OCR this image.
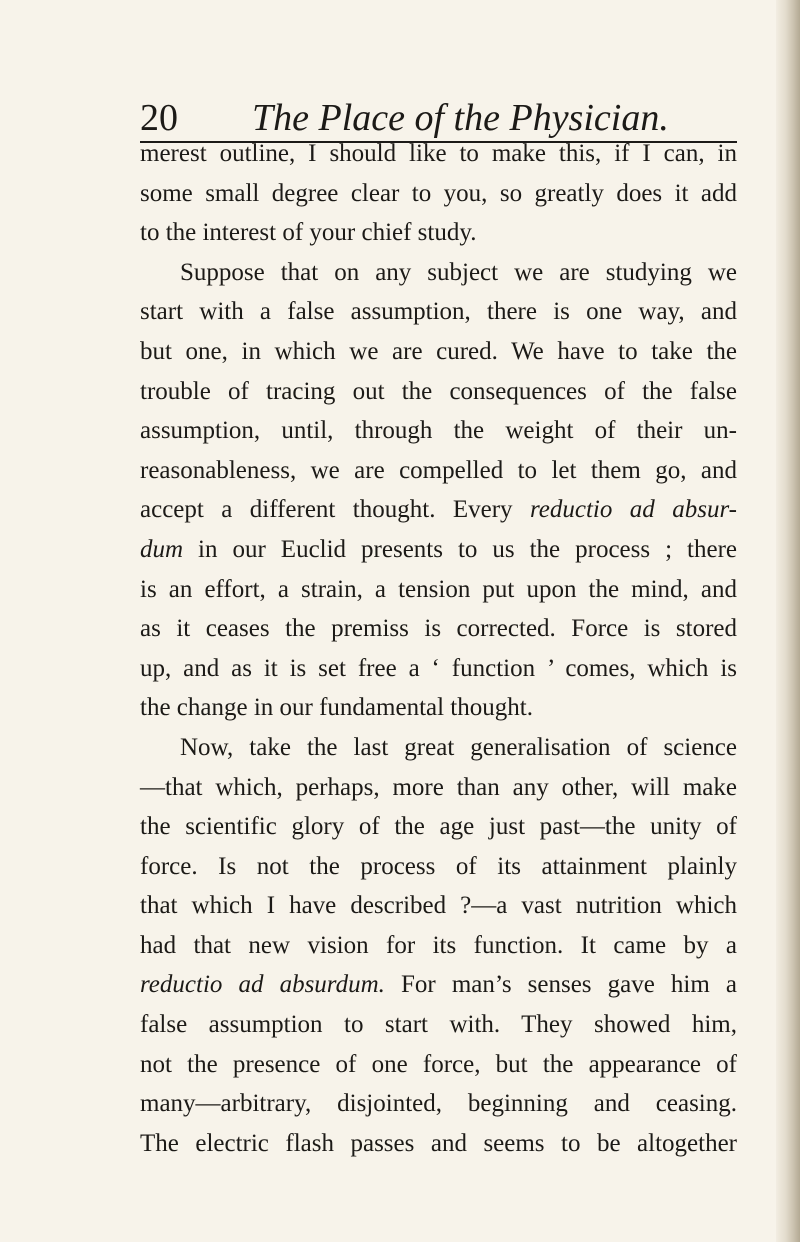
20 The Place of the Physician.
merest outline, I should like to make this, if I can, in
some small degree clear to you, so greatly does it add
to the interest of your chief study.
Suppose that on any subject we are studying we
start with a false assumption, there is one way, and
but one, in which we are cured. We have to take the
trouble of tracing out the consequences of the false
assumption, until, through the weight of their un-
reasonableness, we are compelled to let them go, and
accept a different thought. Every reductio ad absur-
dum in our Euclid presents to us the process ; there
is an effort, a strain, a tension put upon the mind, and
as it ceases the premiss is corrected. Force is stored
up, and as it is set free a ‘ function ’ comes, which is
the change in our fundamental thought.
Now, take the last great generalisation of science
—that which, perhaps, more than any other, will make
the scientific glory of the age just past—the unity of
force. Is not the process of its attainment plainly
that which I have described ?—a vast nutrition which
had that new vision for its function. It came by a
reductio ad absurdum. For man’s senses gave him a
false assumption to start with. They showed him,
not the presence of one force, but the appearance of
many—arbitrary, disjointed, beginning and ceasing.
The electric flash passes and seems to be altogether
